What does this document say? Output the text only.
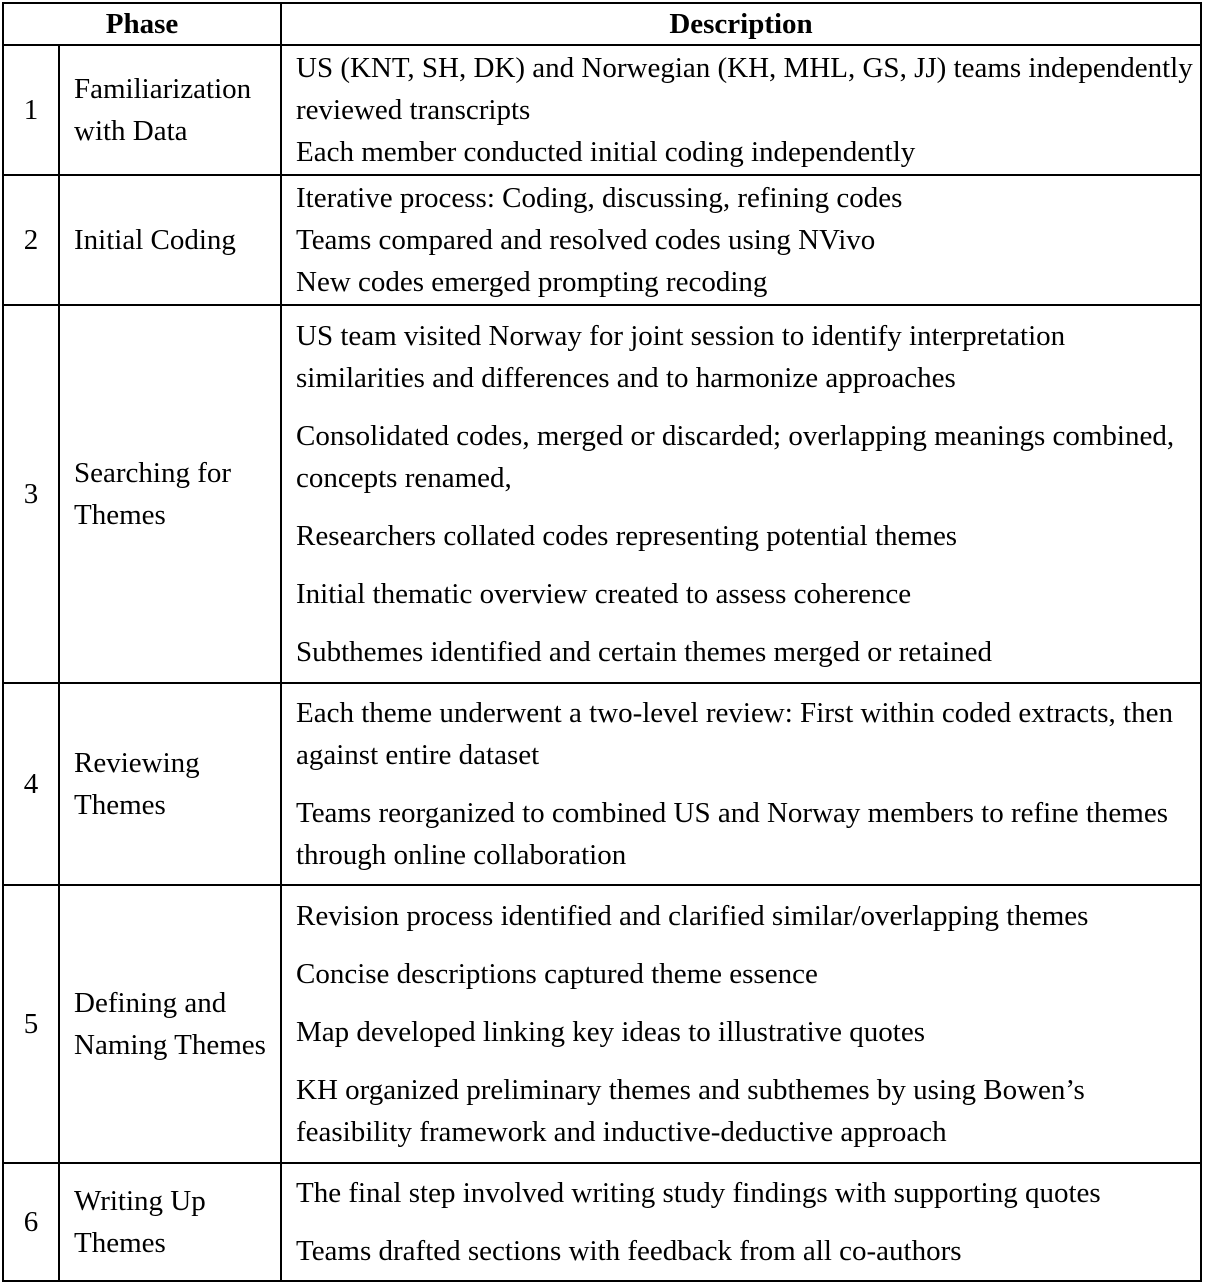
Phase		Description
1	Familiarization with Data	US (KNT, SH, DK) and Norwegian (KH, MHL, GS, JJ) teams independently reviewed transcripts
Each member conducted initial coding independently

2	Initial Coding	Iterative process: Coding, discussing, refining codes
Teams compared and resolved codes using NVivo
New codes emerged prompting recoding

3	Searching for Themes	US team visited Norway for joint session to identify interpretation similarities and differences and to harmonize approaches
Consolidated codes, merged or discarded; overlapping meanings combined, concepts renamed,
Researchers collated codes representing potential themes
Initial thematic overview created to assess coherence
Subthemes identified and certain themes merged or retained

4	Reviewing Themes	Each theme underwent a two-level review: First within coded extracts, then against entire dataset
Teams reorganized to combined US and Norway members to refine themes through online collaboration

5	Defining and Naming Themes	Revision process identified and clarified similar/overlapping themes
Concise descriptions captured theme essence
Map developed linking key ideas to illustrative quotes
KH organized preliminary themes and subthemes by using Bowen’s feasibility framework and inductive-deductive approach

6	Writing Up Themes	The final step involved writing study findings with supporting quotes
Teams drafted sections with feedback from all co-authors
